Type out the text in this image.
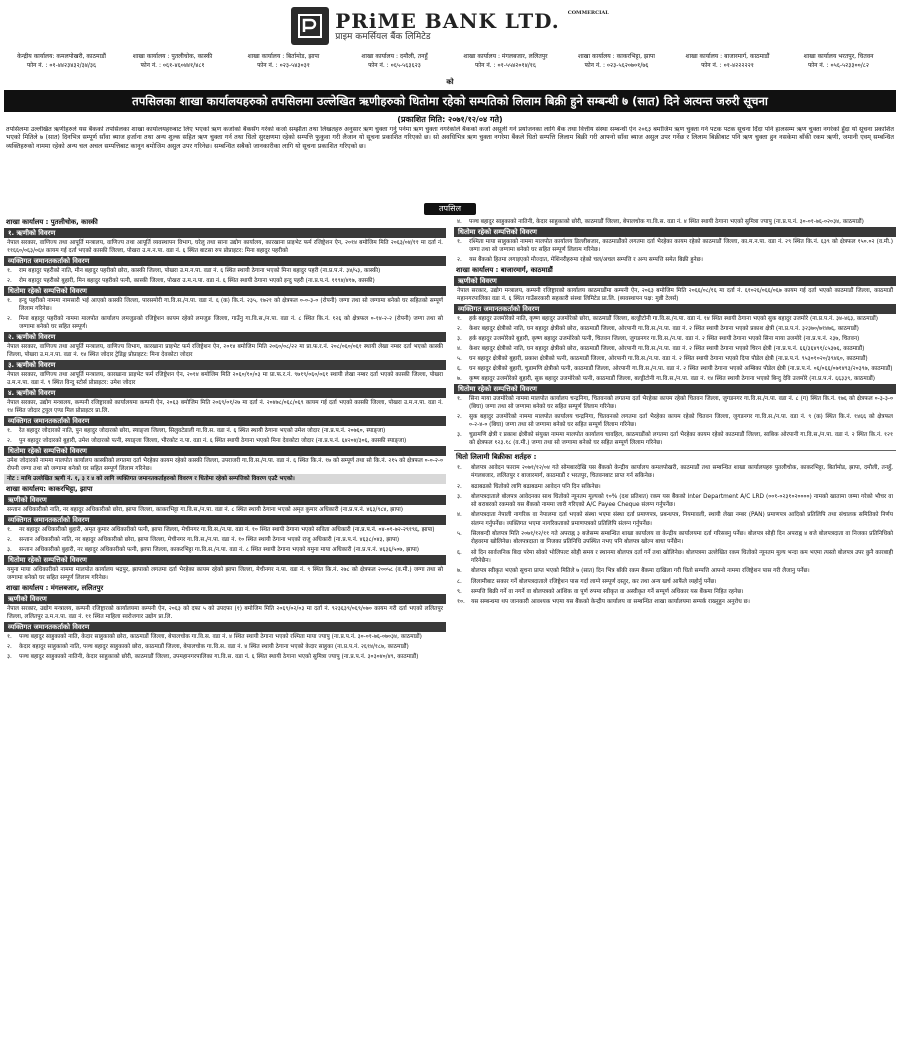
PRiME BANK LTD. $^{COMMERCIAL}$
प्राइम कमर्सियल बैंक लिमिटेड
केन्द्रीय कार्यालय: कमलपोखरी, काठमाडौं
फोन नं. : ०१-४४२३४३२/३४/३६
शाखा कार्यालय : पुतलीचोक, कास्की
फोन नं. : ०६१-४६०४४१/४८१
शाखा कार्यालय : बिर्तामोड, झापा
फोन नं. : ०२३-५४३०३१
शाखा कार्यालय : दमौली, तनहुँ
फोन नं. : ०६५-५६३६२३
शाखा कार्यालय : मंगलबजार, ललितपुर
फोन नं. : ०१-५५४२०१४/१६
शाखा कार्यालय : काकरभिट्टा, झापा
फोन नं. : ०२३-५६२०७०१/७६
शाखा कार्यालय : बाजारमार्ग, काठमाडौं
फोन नं. : ०१-४२२२२२१
शाखा कार्यालय भरतपुर, चितवन
फोन नं. : ०५६-५२३३००/८२
को
तपसिलका शाखा कार्यालयहरुको तपसिलमा उल्लेखित ऋणीहरुको धितोमा रहेको सम्पतिको लिलाम बिक्री हुने सम्बन्धी ७ (सात) दिने अत्यन्त जरुरी सूचना
(प्रकाशित मिति: २०७१/१२/०४ गते)
तपसिलमा उल्लेखित ऋणीहरुले यस बैंकको तपसिलका शाखा कार्यालयहरुबाट लिए भएको ऋण कर्जाको बैंकसँग गरेको कर्जा सम्झौता तथा लिखतहरु अनुसार ऋण चुक्ता गर्नु पर्नेमा ऋण चुक्ता नगरेकोले बैंकको कर्जा असुली गर्ने प्रयोजनका लागि बैंक तथा वित्तीय संस्था सम्बन्धी ऐन २०६३ बमोजिम ऋण चुक्ता गर्न पटक पटक सूचना दिँदा पनि हालसम्म ऋण चुक्ता नगरेको हुँदा यो सूचना प्रकाशित भएको मितिले ७ (सात) दिनभित्र सम्पूर्ण साँवा ब्याज हर्जाना तथा अन्य शुल्क सहित ऋण चुक्ता गर्न तथा धितो सुरक्षणमा रहेको सम्पत्ति फुकुवा गरी लैजान यो सूचना प्रकाशित गरिएको छ। सो अवधिभित्र ऋण चुक्ता नगरेमा बैंकले धितो सम्पत्ति लिलाम बिक्री गरी आफ्नो साँवा ब्याज असुल उपर गर्नेछ र लिलाम बिक्रीबाट पनि ऋण चुक्ता हुन नसकेमा बाँकी रकम ऋणी, जमानी एवम् सम्बन्धित व्यक्तिहरुको नाममा रहेको अन्य चल अचल सम्पत्तिबाट कानून बमोजिम असुल उपर गरिनेछ। सम्बन्धित सबैको जानकारीका लागि यो सूचना प्रकाशित गरिएको छ।
तपसिल
शाखा कार्यालय : पुतलीचोक, कास्की
१. ऋणीको विवरण
नेपाल सरकार, वाणिज्य तथा आपूर्ति मन्त्रालय, वाणिज्य तथा आपूर्ति व्यवस्थापन विभाग, घरेलु तथा साना उद्योग कार्यालय, कारखाना प्राइभेट फर्म रजिष्ट्रेशन ऐन, २०१४ बमोजिम मिति २०६३/०४/११ मा दर्ता नं. ११६६०/०६३/०६४ कायम गई दर्ता भएको कास्की जिल्ला, पोखरा उ.म.न.पा. वडा नं. ६ स्थित बाटसा रुप प्रोप्राइटर: मिना बहादुर पहरीको
व्यक्तिगत जमानतकर्ताको विवरण
१.	राम बहादुर पहरीको नाति, मीन बहादुर पहरीको छोरा, कास्की जिल्ला, पोखरा उ.म.न.पा. वडा नं. ६ स्थित स्थायी ठेगाना भएको मिना बहादुर पहरी (ना.प्र.प.नं. ३४/५३, कास्की)
२.	रोम बहादुर पहरीको बुहारी, मिन बहादुर पहरीको पत्नी, कास्की जिल्ला, पोखरा उ.म.न.पा. वडा नं. ६ स्थित स्थायी ठेगाना भएको इन्दु पहरी (ना.प्र.प.नं. ११९४/४१७, कास्की)
धितोमा रहेको सम्पत्तिको विवरण
१.	इन्दु पहरीको नाममा नामसारी भई आएको कास्की जिल्ला, पारसमोरी गा.वि.स./न.पा. वडा नं. ६ (क) कि.नं. २३५, १७२१ को क्षेत्रफल ०-०-३-० (रोपनी) जग्गा तथा सो जग्गामा बनेको घर सहितको सम्पूर्ण लिलाम गरिनेछ।
२.	मिना बहादुर पहरीको नाममा मालपोत कार्यालय लमजुङको रजिष्ट्रेशन कायम रहेको लमजुङ जिल्ला, गाउँनु गा.वि.स./न.पा. वडा नं. ८ स्थित कि.नं. १२६ को क्षेत्रफल ०-१४-२-२ (रोपनी) जग्गा तथा सो जग्गामा बनेको घर सहित सम्पूर्ण।
२. ऋणीको विवरण
नेपाल सरकार, वाणिज्य तथा आपूर्ति मन्त्रालय, वाणिज्य विभाग, कारखाना प्राइभेट फर्म रजिष्ट्रेशन ऐन, २०१४ बमोजिम मिति २०६०/०८/२२ मा प्रा.फ.र.नं. २०८/०६०/०६१ स्थायी लेखा नम्बर दर्ता भएको कास्की जिल्ला, पोखरा उ.म.न.पा. वडा नं. १४ स्थित जोदार ट्रेडिङ्ग प्रोप्राइटर: मिना देवकोटा जोदार
३. ऋणीको विवरण
नेपाल सरकार, वाणिज्य तथा आपूर्ति मन्त्रालय, कारखाना प्राइभेट फर्म रजिष्ट्रेशन ऐन, २०१४ बमोजिम मिति २०६०/१०/०३ मा प्रा.फ.र.नं. ९७१९/०६०/०६१ स्थायी लेखा नम्बर दर्ता भएको कास्की जिल्ला, पोखरा उ.म.न.पा. वडा नं. ९ स्थित विन्दु स्टोर्स प्रोप्राइटर: उमेश जोदार
४. ऋणीको विवरण
नेपाल सरकार, उद्योग मन्त्रालय, कम्पनी रजिष्ट्रारको कार्यालयमा कम्पनी ऐन, २०६३ बमोजिम मिति २०६९/०१/२७ मा दर्ता नं. २०४७८/०६८/०६९ कायम गई दर्ता भएको कास्की जिल्ला, पोखरा उ.म.न.पा. वडा नं. १४ स्थित जोदार ट्रयुल एण्ड मिल प्रोप्राइटर प्रा.लि.
व्यक्तिगत जमानतकर्ताको विवरण
१.	रेत बहादुर जोदारको नाति, पुन बहादुर जोदारको छोरा, स्याङ्जा जिल्ला, सिलुवटेडाली गा.वि.स. वडा नं. ६ स्थित स्थायी ठेगाना भएको उमेश जोदार (ना.प्र.प.नं. २०७६०, स्याङ्जा)
२.	पुन बहादुर जोदारको बुहारी, उमेश जोदारको पत्नी, स्याङ्जा जिल्ला, भीरकोट न.पा. वडा नं. ६ स्थित स्थायी ठेगाना भएको मिना देवकोटा जोदार (ना.प्र.प.नं. ६४२०४/३०६, कास्की स्याङ्जा)
धितोमा रहेको सम्पत्तिको विवरण
उमेश जोदारको नाममा मालपोत कार्यालय कास्कीको लगतमा दर्ता भैरहेका कायम रहेको कास्की जिल्ला, उपराजरी गा.वि.स./न.पा. वडा नं. ६ स्थित कि.नं. १७ को सम्पूर्ण तथा सो कि.नं. २१५ को क्षेत्रफल ०-०-२-० रोपनी जग्गा तथा सो जग्गामा बनेको घर सहित सम्पूर्ण लिलाम गरिनेछ।
नोट : माथि उल्लेखित ऋणी नं. १, ३ र ४ को लागि व्यक्तिगत जमानतकर्ताहरुको विवरण र धितोमा रहेको सम्पत्तिको विवरण एउटै भएको।
शाखा कार्यालय: काकरभिट्टा, झापा
ऋणीको विवरण
सन्तान अधिकारीको नाति, नर बहादुर अधिकारीको छोरा, झापा जिल्ला, काकरभिट्टा गा.वि.स./न.पा. वडा नं. ८ स्थित स्थायी ठेगाना भएको अमृत कुमार अधिकारी (ना.प्र.प.नं. ४६३/९८४, झापा)
व्यक्तिगत जमानतकर्ताको विवरण
१.	नर बहादुर अधिकारीको बुहारी, अमृत कुमार अधिकारीको पत्नी, झापा जिल्ला, मेचीनगर गा.वि.स./न.पा. वडा नं. १० स्थित स्थायी ठेगाना भएको सविता अधिकारी (ना.प्र.प.नं. ०४-०१-७२-२९१९६, झापा)
२.	सन्तान अधिकारीको नाति, नर बहादुर अधिकारीको छोरा, झापा जिल्ला, मेचीनगर गा.वि.स./न.पा. वडा नं. १० स्थित स्थायी ठेगाना भएको राजु अधिकारी (ना.प्र.प.नं. ४६३८/०४३, झापा)
३.	सन्तान अधिकारीको बुहारी, नर बहादुर अधिकारीको पत्नी, झापा जिल्ला, काकरभिट्टा गा.वि.स./न.पा. वडा नं. ८ स्थित स्थायी ठेगाना भएको यमुना माया अधिकारी (ना.प्र.प.नं. ४६३६/५०७, झापा)
धितोमा रहेको सम्पत्तिको विवरण
यमुना माया अधिकारीको नाममा मालपोत कार्यालय भद्रपुर, झापाको लगतमा दर्ता भैरहेका कायम रहेको झापा जिल्ला, मेचीनगर न.पा. वडा नं. ९ स्थित कि.नं. २७८ को क्षेत्रफल २००५८ (व.मी.) जग्गा तथा सो जग्गामा बनेको घर सहित सम्पूर्ण लिलाम गरिनेछ।
शाखा कार्यालय : मंगलबजार, ललितपुर
ऋणीको विवरण
नेपाल सरकार, उद्योग मन्त्रालय, कम्पनी रजिष्ट्रारको कार्यालयमा कम्पनी ऐन, २०६३ को दफा ५ को उपदफा (१) बमोजिम मिति २०६९/०२/०३ मा दर्ता नं. ९२३६३९/०६९/०७० कायम गरी दर्ता भएको ललितपुर जिल्ला, ललितपुर उ.म.न.पा. वडा नं. ११ स्थित माहिला स्वरोजगार उद्योग प्रा.लि.
व्यक्तिगत जमानतकर्ताको विवरण
१.	पञ्च बहादुर साहुकाको नाति, केदार साहुकाको छोरा, काठमाडौं जिल्ला, बेपालचोक गा.वि.स. वडा नं. ४ स्थित स्थायी ठेगाना भएको रश्मिता माया ज्यापु (ना.प्र.प.नं. ३०-०१-७६-०७०३४, काठमाडौं)
२.	केदार बहादुर साहुकाको नाति, पञ्च बहादुर साहुकाको छोरा, काठमाडौं जिल्ला, बेपालचोक गा.वि.स. वडा नं. ४ स्थित स्थायी ठेगाना भएको केदार साहुका (ना.प्र.प.नं. २६१४/१८७, काठमाडौं)
३.	पञ्च बहादुर साहुकाको नातिनी, केदार साहुकाको छोरी, काठमाडौं जिल्ला, उपमहानगरपालिका गा.वि.स. वडा नं. ६ स्थित स्थायी ठेगाना भएको सुमित्रा ज्यापु (ना.प्र.प.नं. ३०३०४०/४९, काठमाडौं)
४.	पञ्च बहादुर साहुकाको नातिनी, केदार साहुकाको छोरी, काठमाडौं जिल्ला, बेपालचोक गा.वि.स. वडा नं. ४ स्थित स्थायी ठेगाना भएको सुमित्रा ज्यापु (ना.प्र.प.नं. ३०-०१-७६-०२०३४, काठमाडौं)
धितोमा रहेको सम्पत्तिको विवरण
१.	रश्मिता माया साहुकाको नाममा मालपोत कार्यालय डिल्लीबजार, काठमाडौंको लगतमा दर्ता भैरहेका कायम रहेको काठमाडौं जिल्ला, का.म.न.पा. वडा नं. २९ स्थित कि.नं. ६३९ को क्षेत्रफल १५०.०२ (व.मी.) जग्गा तथा सो जग्गामा बनेको घर सहित सम्पूर्ण लिलाम गरिनेछ।
२.	यस बैंकको हितमा लगाइएको मौज्दात, मेशिनरीहरुमा रहेको चल/अचल सम्पत्ति र अन्य सम्पत्ति समेत बिक्री हुनेछ।
शाखा कार्यालय : बाजारमार्ग, काठमाडौं
ऋणीको विवरण
नेपाल सरकार, उद्योग मन्त्रालय, कम्पनी रजिष्ट्रारको कार्यालय काठमाडौंमा कम्पनी ऐन, २०६३ बमोजिम मिति २०६६/०८/१६ मा दर्ता नं. ६१०२६/०६६/०६७ कायम गई दर्ता भएको काठमाडौं जिल्ला, काठमाडौं महानगरपालिका वडा नं. ६ स्थित गाउँसरकारी सहकारी संस्था लिमिटेड प्रा.लि. (ब्यवस्थापन पक्ष: मुन्नी टेलर्स)
व्यक्तिगत जमानतकर्ताको विवरण
१.	हर्क बहादुर उजमोरेको नाति, कृष्ण बहादुर उजमोरेको छोरा, काठमाडौं जिल्ला, बल्ड्रीटोनी गा.वि.स./न.पा. वडा नं. १४ स्थित स्थायी ठेगाना भएको सुक बहादुर उजमोरे (ना.प्र.प.नं. ३४-४६३, काठमाडौं)
२.	केशर बहादुर क्षेत्रीको नाति, घन बहादुर क्षेत्रीको छोरा, काठमाडौं जिल्ला, ओरपानी गा.वि.स./न.पा. वडा नं. २ स्थित स्थायी ठेगाना भएको प्रकाश क्षेत्री (ना.प्र.प.नं. ३२३७०/७१४७६, काठमाडौं)
३.	हर्क बहादुर उजमोरेको बुहारी, कृष्ण बहादुर उजमोरेको पत्नी, चितवन जिल्ला, जुगडनगर गा.वि.स./न.पा. वडा नं. २ स्थित स्थायी ठेगाना भएको सिना माया उजमोरे (ना.प्र.प.नं. २३७, चितवन)
४.	केशर बहादुर क्षेत्रीको नाति, घन बहादुर क्षेत्रीको छोरा, काठमाडौं जिल्ला, ओरपानी गा.वि.स./न.पा. वडा नं. २ स्थित स्थायी ठेगाना भएको चिरन क्षेत्री (ना.प्र.प.नं. ६६/३६४९१/८५३७६, काठमाडौं)
५.	घन बहादुर क्षेत्रीको बुहारी, प्रकाश क्षेत्रीको पत्नी, काठमाडौं जिल्ला, ओरपानी गा.वि.स./न.पा. वडा नं. २ स्थित स्थायी ठेगाना भएको दिपा पौडेल क्षेत्री (ना.प्र.प.नं. ९५३०१०२०/३९४६०, काठमाडौं)
६.	घन बहादुर क्षेत्रीको बुहारी, चुडामणि क्षेत्रीको पत्नी, काठमाडौं जिल्ला, ओरपानी गा.वि.स./न.पा. वडा नं. २ स्थित स्थायी ठेगाना भएको अम्बिका पौडेल क्षेत्री (ना.प्र.प.नं. ०६/०६६/०७१४९३/२०३९७, काठमाडौं)
७.	कृष्ण बहादुर उजमोरेको बुहारी, सुक बहादुर उजमोरेको पत्नी, काठमाडौं जिल्ला, बल्ड्रीटोनी गा.वि.स./न.पा. वडा नं. १४ स्थित स्थायी ठेगाना भएको बिन्दु देवि उजमोरे (ना.प्र.प.नं. ६६३३९, काठमाडौं)
धितोमा रहेको सम्पत्तिको विवरण
१.	सिना माया उजमोरेको नाममा मालपोत कार्यालय चन्द्रनिगा, चितवनको लगतमा दर्ता भैरहेका कायम रहेको चितवन जिल्ला, जुगडनगर गा.वि.स./न.पा. वडा नं. ८ (ग) स्थित कि.नं. १७६ को क्षेत्रफल ०-३-३-० (बिघा) जग्गा तथा सो जग्गामा बनेको घर सहित सम्पूर्ण लिलाम गरिनेछ।
२.	सुक बहादुर उजमोरेको नाममा मालपोत कार्यालय चन्द्रनिगा, चितवनको लगतमा दर्ता भैरहेका कायम रहेको चितवन जिल्ला, जुगडनगर गा.वि.स./न.पा. वडा नं. ९ (क) स्थित कि.नं. १४६६ को क्षेत्रफल ०-२-४-० (बिघा) जग्गा तथा सो जग्गामा बनेको घर सहित सम्पूर्ण लिलाम गरिनेछ।
३.	चुडामणि क्षेत्री र प्रकाश क्षेत्रीको संयुक्त नाममा मालपोत कार्यालय चावहिल, काठमाडौंको लगतमा दर्ता भैरहेका कायम रहेको काठमाडौं जिल्ला, साबिक ओरपानी गा.वि.स./न.पा. वडा नं. २ स्थित कि.नं. १२१ को क्षेत्रफल १२३.१८ (व.मी.) जग्गा तथा सो जग्गामा बनेको घर सहित सम्पूर्ण लिलाम गरिनेछ।
धितो लिलामी बिक्रीका शर्तहरु :
१.	बोलपत्र आवेदन फाराम २०७१/१२/०४ गते सोमबारदेखि यस बैंकको केन्द्रीय कार्यालय कमलपोखरी, काठमाडौं तथा सम्बन्धित शाखा कार्यालयहरु पुतलीचोक, काकरभिट्टा, बिर्तामोड, झापा, दमौली, तनहुँ, मंगलबजार, ललितपुर र बाजारमार्ग, काठमाडौं र भरतपुर, चितवनबाट प्राप्त गर्न सकिनेछ।
२.	बढाबढको धितोको लागि बढाबढमा आवेदन पनि दिन सकिनेछ।
३.	बोलपत्रदाताले बोलपत्र आवेदनका साथ धितोको न्यूनतम मूल्यको १०% (दश प्रतिशत) रकम यस बैंकको Inter Department A/C LRD (००१-०२३१०२००००) नामको खातामा जम्मा गरेको भौचर वा सो बराबरको रकमको यस बैंकको नाममा जारी गरिएको A/C Payee Cheque संलग्न गर्नुपर्नेछ।
४.	बोलपत्रदाता नेपाली नागरिक वा नेपालमा दर्ता भएको संस्था भएमा संस्था दर्ता प्रमाणपत्र, प्रबन्धपत्र, नियमावली, स्थायी लेखा नम्बर (PAN) प्रमाणपत्र आदिको प्रतिलिपि तथा संचालक समितिको निर्णय संलग्न गर्नुपर्नेछ। व्यक्तिगत भएमा नागरिकताको प्रमाणपत्रको प्रतिलिपि संलग्न गर्नुपर्नेछ।
५.	सिलबन्दी बोलपत्र मिति २०७१/१२/११ गते अपराह्न ३ बजेसम्म सम्बन्धित शाखा कार्यालय वा केन्द्रीय कार्यालयमा दर्ता गरिसक्नु पर्नेछ। बोलपत्र सोही दिन अपराह्न ४ बजे बोलपत्रदाता वा निजका प्रतिनिधिको रोहवरमा खोलिनेछ। बोलपत्रदाता वा निजका प्रतिनिधि उपस्थित नभए पनि बोलपत्र खोल्न बाधा पर्नेछैन।
६.	सो दिन सार्वजनिक बिदा परेमा सोको भोलिपल्ट सोही समय र स्थानमा बोलपत्र दर्ता गर्ने तथा खोलिनेछ। बोलपत्रमा उल्लेखित रकम धितोको न्यूनतम मूल्य भन्दा कम भएमा त्यस्तो बोलपत्र उपर कुनै कारबाही गरिनेछैन।
७.	बोलपत्र स्वीकृत भएको सूचना प्राप्त भएको मितिले ७ (सात) दिन भित्र बाँकी रकम बैंकमा दाखिला गरी धितो सम्पत्ति आफ्नो नाममा रजिष्ट्रेशन पास गरी लैजानु पर्नेछ।
८.	लिलामीबाट सकार गर्ने बोलपत्रदाताले रजिष्ट्रेशन पास गर्दा लाग्ने सम्पूर्ण दस्तुर, कर तथा अन्य खर्च आफैंले व्यहोर्नु पर्नेछ।
९.	सम्पत्ति बिक्री गर्ने वा नगर्ने वा बोलपत्रको आंशिक वा पूर्ण रुपमा स्वीकृत वा अस्वीकृत गर्ने सम्पूर्ण अधिकार यस बैंकमा निहित रहनेछ।
१०.	यस सम्बन्धमा थप जानकारी आवश्यक भएमा यस बैंकको केन्द्रीय कार्यालय वा सम्बन्धित शाखा कार्यालयमा सम्पर्क राख्नुहुन अनुरोध छ।
